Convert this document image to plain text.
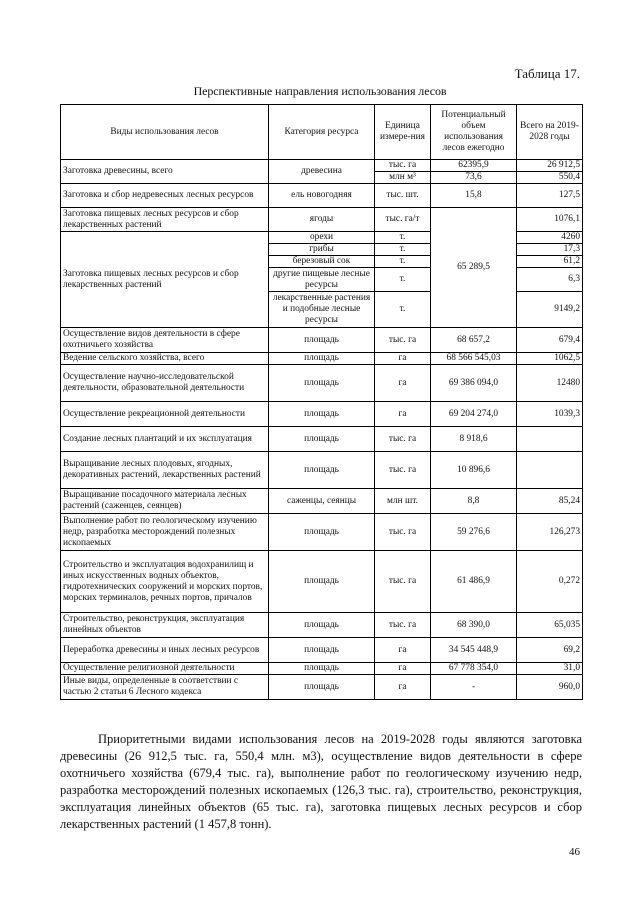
Таблица 17.
Перспективные направления использования лесов
Виды использования лесов	Категория ресурса	Единица измере-ния	Потенциальный объем использования лесов ежегодно	Всего на 2019-2028 годы
Заготовка древесины, всего	древесина	тыс. га	62395,9	26 912,5
		млн м³	73,6	550,4
Заготовка и сбор недревесных лесных ресурсов	ель новогодняя	тыс. шт.	15,8	127,5
Заготовка пищевых лесных ресурсов и сбор лекарственных растений	ягоды	тыс. га/т	65 289,5	1076,1
Заготовка пищевых лесных ресурсов и сбор лекарственных растений	орехи	т.		4260
	грибы	т.		17,3
	березовый сок	т.		61,2
	другие пищевые лесные ресурсы	т.		6,3
	лекарственные растения и подобные лесные ресурсы	т.		9149,2
Осуществление видов деятельности в сфере охотничьего хозяйства	площадь	тыс. га	68 657,2	679,4
Ведение сельского хозяйства, всего	площадь	га	68 566 545,03	1062,5
Осуществление научно-исследовательской деятельности, образовательной деятельности	площадь	га	69 386 094,0	12480
Осуществление рекреационной деятельности	площадь	га	69 204 274,0	1039,3
Создание лесных плантаций и их эксплуатация	площадь	тыс. га	8 918,6	
Выращивание лесных плодовых, ягодных, декоративных растений, лекарственных растений	площадь	тыс. га	10 896,6	
Выращивание посадочного материала лесных растений (саженцев, сеянцев)	саженцы, сеянцы	млн шт.	8,8	85,24
Выполнение работ по геологическому изучению недр, разработка месторождений полезных ископаемых	площадь	тыс. га	59 276,6	126,273
Строительство и эксплуатация водохранилищ и иных искусственных водных объектов, гидротехнических сооружений и морских портов, морских терминалов, речных портов, причалов	площадь	тыс. га	61 486,9	0,272
Строительство, реконструкция, эксплуатация линейных объектов	площадь	тыс. га	68 390,0	65,035
Переработка древесины и иных лесных ресурсов	площадь	га	34 545 448,9	69,2
Осуществление религиозной деятельности	площадь	га	67 778 354,0	31,0
Иные виды, определенные в соответствии с частью 2 статьи 6 Лесного кодекса	площадь	га	-	960,0

Приоритетными видами использования лесов на 2019-2028 годы являются заготовка древесины (26 912,5 тыс. га, 550,4 млн. м3), осуществление видов деятельности в сфере охотничьего хозяйства (679,4 тыс. га), выполнение работ по геологическому изучению недр, разработка месторождений полезных ископаемых (126,3 тыс. га), строительство, реконструкция, эксплуатация линейных объектов (65 тыс. га), заготовка пищевых лесных ресурсов и сбор лекарственных растений (1 457,8 тонн).

46
